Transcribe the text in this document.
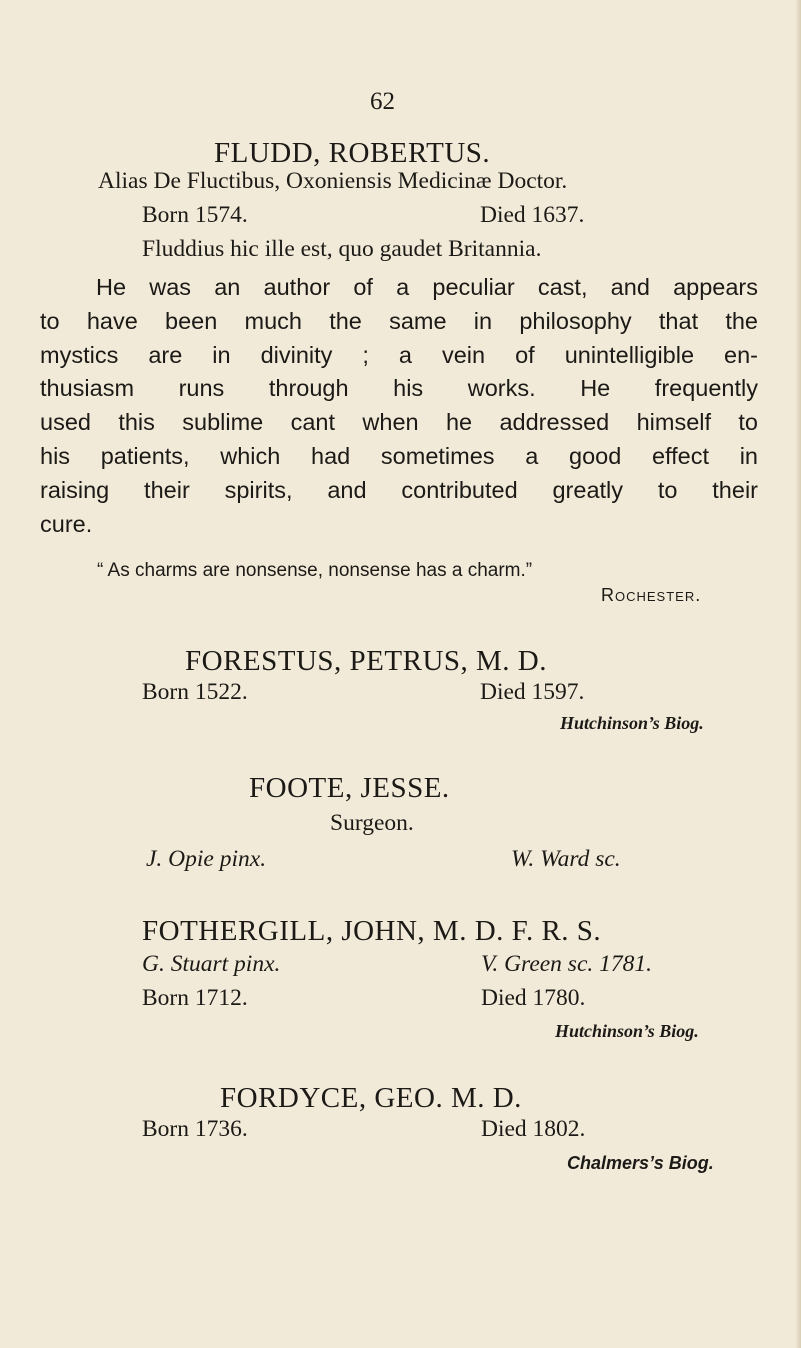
62
FLUDD, ROBERTUS.
Alias De Fluctibus, Oxoniensis Medicinæ Doctor.
Born 1574.	Died 1637.
Fluddius hic ille est, quo gaudet Britannia.
He was an author of a peculiar cast, and appears
to have been much the same in philosophy that the
mystics are in divinity ; a vein of unintelligible en-
thusiasm runs through his works. He frequently
used this sublime cant when he addressed himself to
his patients, which had sometimes a good effect in
raising their spirits, and contributed greatly to their
cure.
“ As charms are nonsense, nonsense has a charm.”
Rochester.
FORESTUS, PETRUS, M. D.
Born 1522.	Died 1597.
Hutchinson’s Biog.
FOOTE, JESSE.
Surgeon.
J. Opie pinx.	W. Ward sc.
FOTHERGILL, JOHN, M. D. F. R. S.
G. Stuart pinx.	V. Green sc. 1781.
Born 1712.	Died 1780.
Hutchinson’s Biog.
FORDYCE, GEO. M. D.
Born 1736.	Died 1802.
Chalmers’s Biog.
